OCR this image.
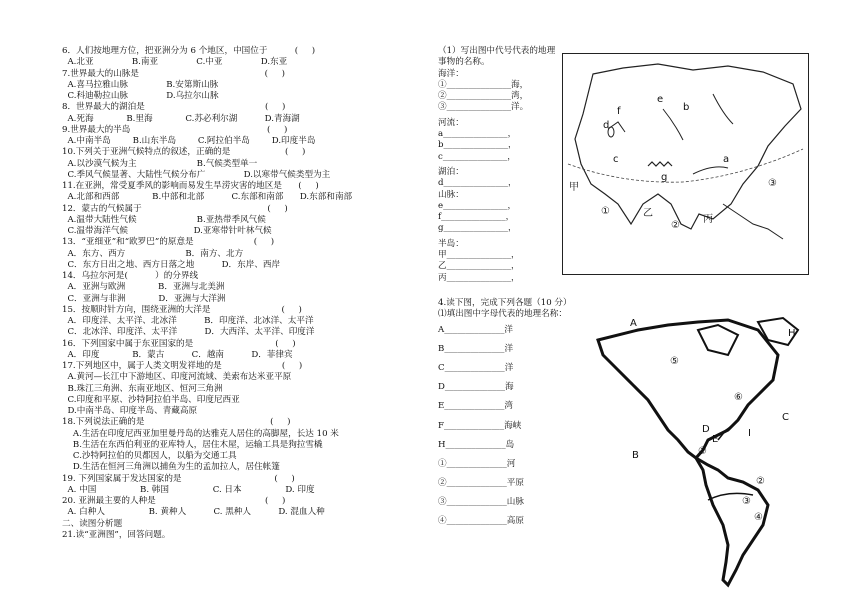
6．人们按地理方位，把亚洲分为 6 个地区，中国位于          (     )
A.北亚              B.南亚              C.中亚              D.东亚
7.世界最大的山脉是                                              (     )
A.喜马拉雅山脉              B.安第斯山脉
C.科迪勒拉山脉              D.乌拉尔山脉
8．世界最大的湖泊是                                            (     )
A.死海            B.里海            C.苏必利尔湖          D.青海湖
9.世界最大的半岛                                                  (     )
A.中南半岛        B.山东半岛        C.阿拉伯半岛        D.印度半岛
10.下列关于亚洲气候特点的叙述，正确的是                    (     )
A.以沙漠气候为主                      B.气候类型单一
C.季风气候显著、大陆性气候分布广              D.以寒带气候类型为主
11.在亚洲，常受夏季风的影响而易发生旱涝灾害的地区是      (     )
A.北部和西部            B.中部和北部          C.东部和南部      D.东部和南部
12．蒙古的气候属于                                              (     )
A.温带大陆性气候                      B.亚热带季风气候
C.温带海洋气候                        D.亚寒带针叶林气候
13．“亚细亚”和“欧罗巴”的原意是                      (     )
A．东方、西方                      B．南方、北方
C．东方日出之地、西方日落之地          D．东岸、西岸
14．乌拉尔河是(          ）的分界线
A．亚洲与欧洲            B．亚洲与北美洲
C．亚洲与非洲            D．亚洲与大洋洲
15．按顺时针方向，围绕亚洲的大洋是                          (     )
A．印度洋、太平洋、北冰洋          B．印度洋、北冰洋、太平洋
C．北冰洋、印度洋、太平洋          D．大西洋、太平洋、印度洋
16．下列国家中属于东亚国家的是                              (     )
A．印度            B．蒙古          C．越南          D．菲律宾
17.下列地区中，属于人类文明发祥地的是                      (     )
A.黄河—长江中下游地区、印度河流域、美索布达米亚平原
B.珠江三角洲、东南亚地区、恒河三角洲
C.印度和平原、沙特阿拉伯半岛、印度尼西亚
D.中南半岛、印度半岛、青藏高原
18.下列说法正确的是                                              (     )
A.生活在印度尼西亚加里曼丹岛的达雅克人居住的高脚屋，长达 10 米
B.生活在东西伯利亚的亚库特人，居住木屋，运输工具是狗拉雪橇
C.沙特阿拉伯的贝都因人，以船为交通工具
D.生活在恒河三角洲以捕鱼为生的孟加拉人，居住帐篷
19. 下列国家属于发达国家的是                                  (     )
A. 中国                B. 韩国                C. 日本                D. 印度
20. 亚洲最主要的人种是                                        (     )
A. 白种人                B. 黄种人          C. 黑种人          D. 混血人种
二、读图分析题
21.读“亚洲图”，回答问题。
（1）写出图中代号代表的地理
事物的名称。
海洋：
①_______________海，
②_______________湾，
③_______________洋。
河流：
a_______________，
b_______________，
c_______________，
湖泊：
d_______________，
山脉：
e_______________，
f_______________，
g_______________，
半岛：
甲_______________，
乙_______________，
丙_______________，
a
b
c
d
e
f
g
①
②
③
甲
乙
丙
4.读下图，完成下列各题（10 分）
⑴填出图中字母代表的地理名称：
A______________洋
B______________洋
C______________洋
D______________海
E______________湾
F______________海峡
H______________岛
①______________河
②______________平原
③______________山脉
④______________高原
A
B
C
D
E
H
I
①
②
③
④
⑤
⑥
